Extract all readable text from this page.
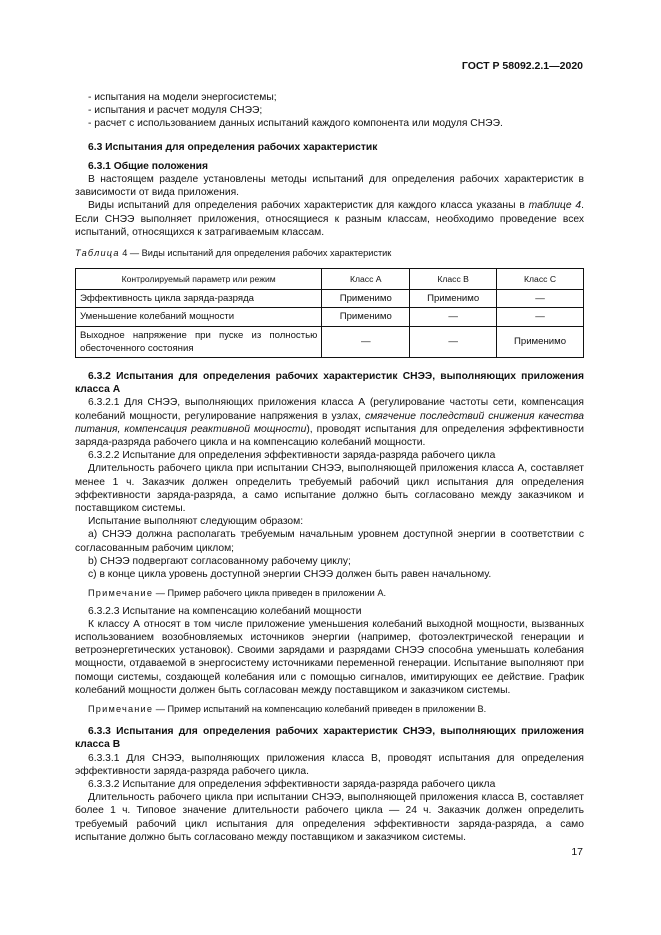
ГОСТ Р 58092.2.1—2020

- испытания на модели энергосистемы;

- испытания и расчет модуля СНЭЭ;

- расчет с использованием данных испытаний каждого компонента или модуля СНЭЭ.

6.3 Испытания для определения рабочих характеристик

6.3.1 Общие положения

В настоящем разделе установлены методы испытаний для определения рабочих характеристик в зависимости от вида приложения.

Виды испытаний для определения рабочих характеристик для каждого класса указаны в таблице 4. Если СНЭЭ выполняет приложения, относящиеся к разным классам, необходимо проведение всех испытаний, относящихся к затрагиваемым классам.

Таблица 4 — Виды испытаний для определения рабочих характеристик

Контролируемый параметр или режим	Класс А	Класс В	Класс С
Эффективность цикла заряда-разряда	Применимо	Применимо	—
Уменьшение колебаний мощности	Применимо	—	—
Выходное напряжение при пуске из полностью обесточенного состояния	—	—	Применимо

6.3.2 Испытания для определения рабочих характеристик СНЭЭ, выполняющих приложения класса А

6.3.2.1 Для СНЭЭ, выполняющих приложения класса А (регулирование частоты сети, компенсация колебаний мощности, регулирование напряжения в узлах, смягчение последствий снижения качества питания, компенсация реактивной мощности), проводят испытания для определения эффективности заряда-разряда рабочего цикла и на компенсацию колебаний мощности.

6.3.2.2 Испытание для определения эффективности заряда-разряда рабочего цикла

Длительность рабочего цикла при испытании СНЭЭ, выполняющей приложения класса А, составляет менее 1 ч. Заказчик должен определить требуемый рабочий цикл испытания для определения эффективности заряда-разряда, а само испытание должно быть согласовано между заказчиком и поставщиком системы.

Испытание выполняют следующим образом:

a) СНЭЭ должна располагать требуемым начальным уровнем доступной энергии в соответствии с согласованным рабочим циклом;

b) СНЭЭ подвергают согласованному рабочему циклу;

c) в конце цикла уровень доступной энергии СНЭЭ должен быть равен начальному.

Примечание — Пример рабочего цикла приведен в приложении А.

6.3.2.3 Испытание на компенсацию колебаний мощности

К классу А относят в том числе приложение уменьшения колебаний выходной мощности, вызванных использованием возобновляемых источников энергии (например, фотоэлектрической генерации и ветроэнергетических установок). Своими зарядами и разрядами СНЭЭ способна уменьшать колебания мощности, отдаваемой в энергосистему источниками переменной генерации. Испытание выполняют при помощи системы, создающей колебания или с помощью сигналов, имитирующих ее действие. График колебаний мощности должен быть согласован между поставщиком и заказчиком системы.

Примечание — Пример испытаний на компенсацию колебаний приведен в приложении В.

6.3.3 Испытания для определения рабочих характеристик СНЭЭ, выполняющих приложения класса В

6.3.3.1 Для СНЭЭ, выполняющих приложения класса В, проводят испытания для определения эффективности заряда-разряда рабочего цикла.

6.3.3.2 Испытание для определения эффективности заряда-разряда рабочего цикла

Длительность рабочего цикла при испытании СНЭЭ, выполняющей приложения класса В, составляет более 1 ч. Типовое значение длительности рабочего цикла — 24 ч. Заказчик должен определить требуемый рабочий цикл испытания для определения эффективности заряда-разряда, а само испытание должно быть согласовано между поставщиком и заказчиком системы.

17
